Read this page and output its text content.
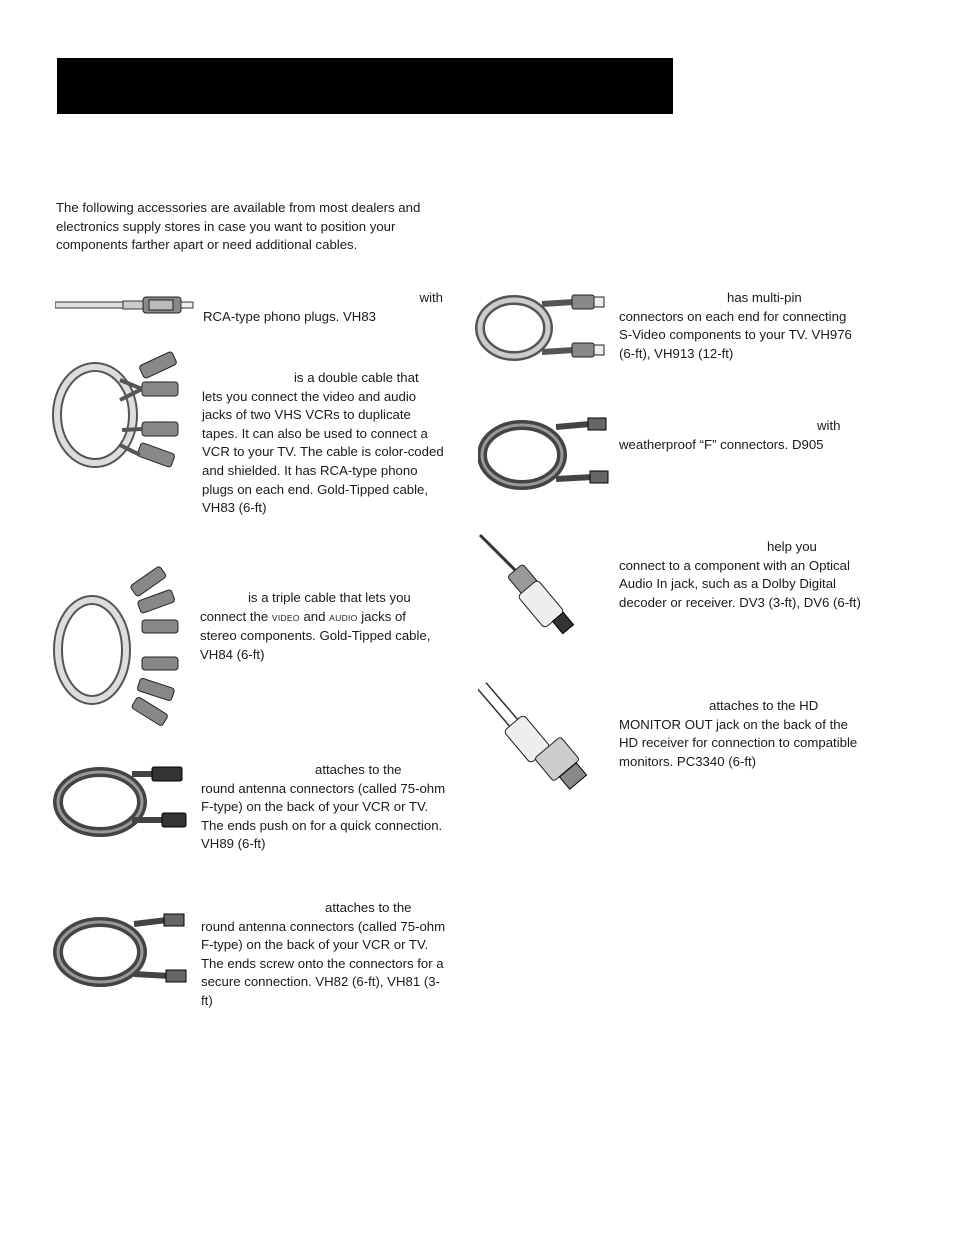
The following accessories are available from most dealers and electronics supply stores in case you want to position your components farther apart or need additional cables.

with
RCA-type phono plugs. VH83
is a double cable that
lets you connect the video and audio jacks of two VHS VCRs to duplicate tapes. It can also be used to connect a VCR to your TV. The cable is color-coded and shielded. It has RCA-type phono plugs on each end. Gold-Tipped cable, VH83 (6-ft)
is a triple cable that lets you
connect the VIDEO and AUDIO jacks of stereo components. Gold-Tipped cable, VH84 (6-ft)
attaches to the
round antenna connectors (called 75-ohm F-type) on the back of your VCR or TV. The ends push on for a quick connection. VH89 (6-ft)
attaches to the
round antenna connectors (called 75-ohm F-type) on the back of your VCR or TV. The ends screw onto the connectors for a secure connection. VH82 (6-ft), VH81 (3-ft)
has multi-pin
connectors on each end for connecting S-Video components to your TV. VH976 (6-ft), VH913 (12-ft)
with
weatherproof “F” connectors. D905
help you
connect to a component with an Optical Audio In jack, such as a Dolby Digital decoder or receiver. DV3 (3-ft), DV6 (6-ft)
attaches to the HD
MONITOR OUT jack on the back of the HD receiver for connection to compatible monitors. PC3340 (6-ft)
